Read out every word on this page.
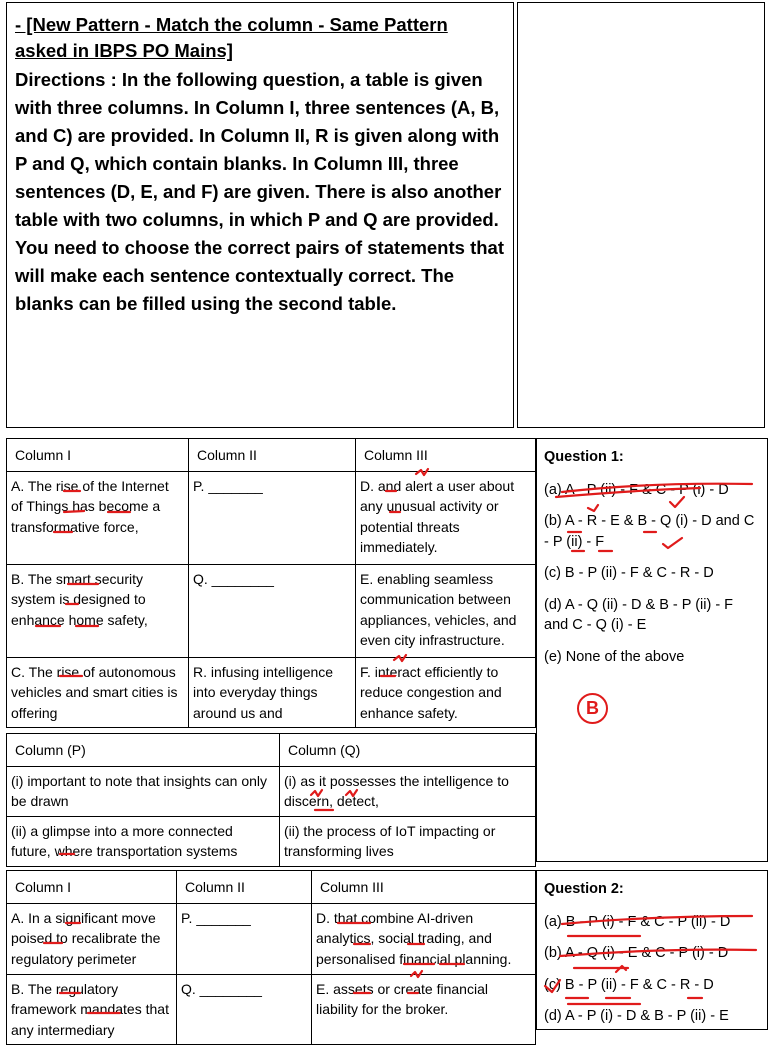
- [New Pattern - Match the column - Same Pattern asked in IBPS PO Mains]
Directions : In the following question, a table is given with three columns. In Column I, three sentences (A, B, and C) are provided. In Column II, R is given along with P and Q, which contain blanks. In Column III, three sentences (D, E, and F) are given. There is also another table with two columns, in which P and Q are provided. You need to choose the correct pairs of statements that will make each sentence contextually correct. The blanks can be filled using the second table.
Column I	Column II	Column III
A. The rise of the Internet of Things has become a transformative force,	P. _______	D. and alert a user about any unusual activity or potential threats immediately.
B. The smart security system is designed to enhance home safety,	Q. ________	E. enabling seamless communication between appliances, vehicles, and even city infrastructure.
C. The rise of autonomous vehicles and smart cities is offering	R. infusing intelligence into everyday things around us and	F. interact efficiently to reduce congestion and enhance safety.
Column (P)	Column (Q)
(i) important to note that insights can only be drawn	(i) as it possesses the intelligence to discern, detect,
(ii) a glimpse into a more connected future, where transportation systems	(ii) the process of IoT impacting or transforming lives
Column I	Column II	Column III
A. In a significant move poised to recalibrate the regulatory perimeter	P. _______	D. that combine AI-driven analytics, social trading, and personalised financial planning.
B. The regulatory framework mandates that any intermediary	Q. ________	E. assets or create financial liability for the broker.
Question 1:
(a) A - P (ii) - F & C - P (i) - D
(b) A - R - E & B - Q (i) - D and C - P (ii) - F
(c) B - P (ii) - F & C - R - D
(d) A - Q (ii) - D & B - P (ii) - F and C - Q (i) - E
(e) None of the above
B
Question 2:
(a) B - P (i) - F & C - P (ii) - D
(b) A - Q (i) - E & C - P (i) - D
(c) B - P (ii) - F & C - R - D
(d) A - P (i) - D & B - P (ii) - E
